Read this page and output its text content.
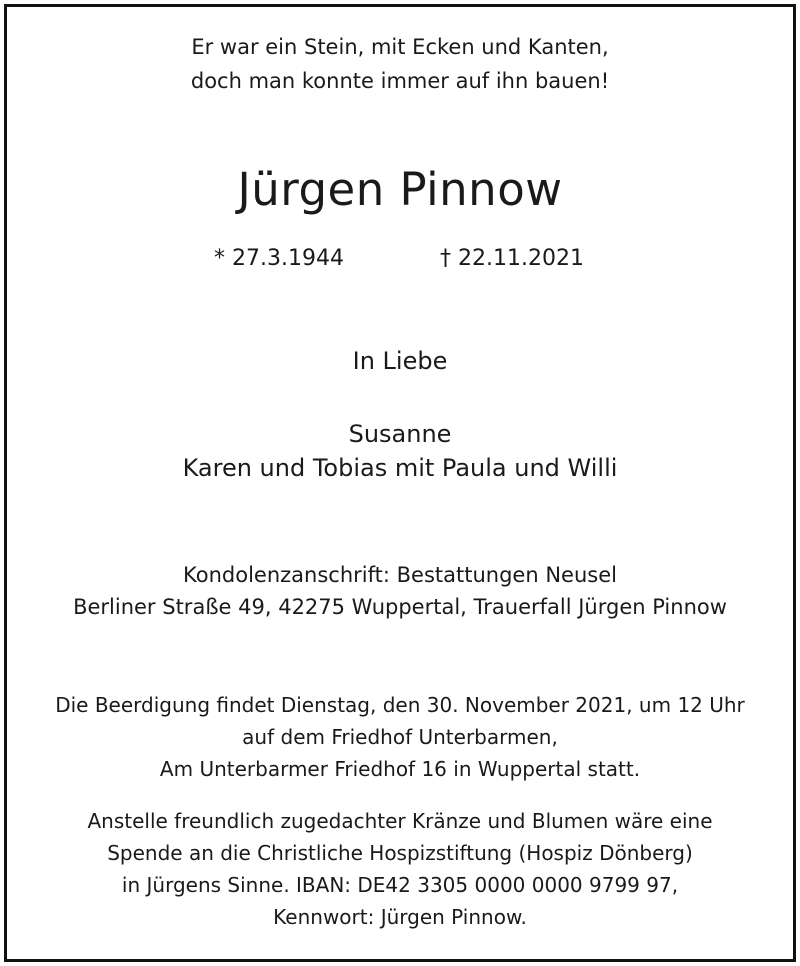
Er war ein Stein, mit Ecken und Kanten,
doch man konnte immer auf ihn bauen!
Jürgen Pinnow
* 27.3.1944	† 22.11.2021
In Liebe
Susanne
Karen und Tobias mit Paula und Willi
Kondolenzanschrift: Bestattungen Neusel
Berliner Straße 49, 42275 Wuppertal, Trauerfall Jürgen Pinnow
Die Beerdigung findet Dienstag, den 30. November 2021, um 12 Uhr
auf dem Friedhof Unterbarmen,
Am Unterbarmer Friedhof 16 in Wuppertal statt.
Anstelle freundlich zugedachter Kränze und Blumen wäre eine
Spende an die Christliche Hospizstiftung (Hospiz Dönberg)
in Jürgens Sinne. IBAN: DE42 3305 0000 0000 9799 97,
Kennwort: Jürgen Pinnow.
